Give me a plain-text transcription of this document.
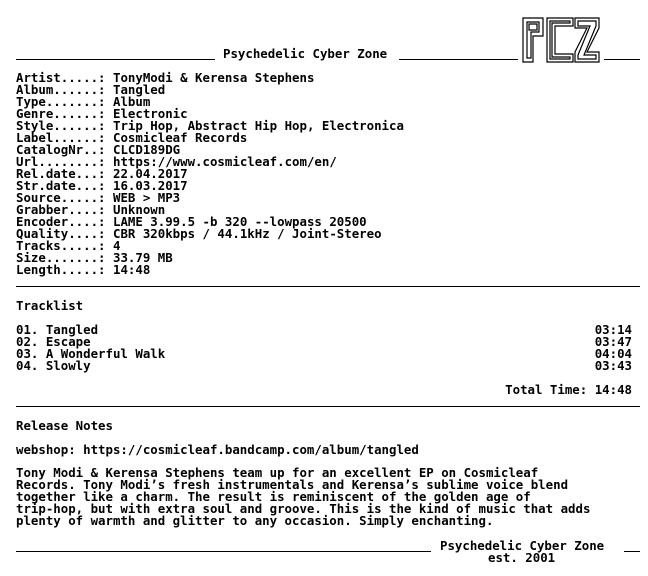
Psychedelic Cyber Zone
Artist.....: TonyModi & Kerensa Stephens
Album......: Tangled
Type.......: Album
Genre......: Electronic
Style......: Trip Hop, Abstract Hip Hop, Electronica
Label......: Cosmicleaf Records
CatalogNr..: CLCD189DG
Url........: https://www.cosmicleaf.com/en/
Rel.date...: 22.04.2017
Str.date...: 16.03.2017
Source.....: WEB > MP3
Grabber....: Unknown
Encoder....: LAME 3.99.5 -b 320 --lowpass 20500
Quality....: CBR 320kbps / 44.1kHz / Joint-Stereo
Tracks.....: 4
Size.......: 33.79 MB
Length.....: 14:48
Tracklist
01. Tangled	03:14
02. Escape	03:47
03. A Wonderful Walk	04:04
04. Slowly	03:43
Total Time: 14:48
Release Notes
webshop: https://cosmicleaf.bandcamp.com/album/tangled
Tony Modi & Kerensa Stephens team up for an excellent EP on Cosmicleaf
Records. Tony Modi’s fresh instrumentals and Kerensa’s sublime voice blend
together like a charm. The result is reminiscent of the golden age of
trip-hop, but with extra soul and groove. This is the kind of music that adds
plenty of warmth and glitter to any occasion. Simply enchanting.
Psychedelic Cyber Zone
est. 2001
